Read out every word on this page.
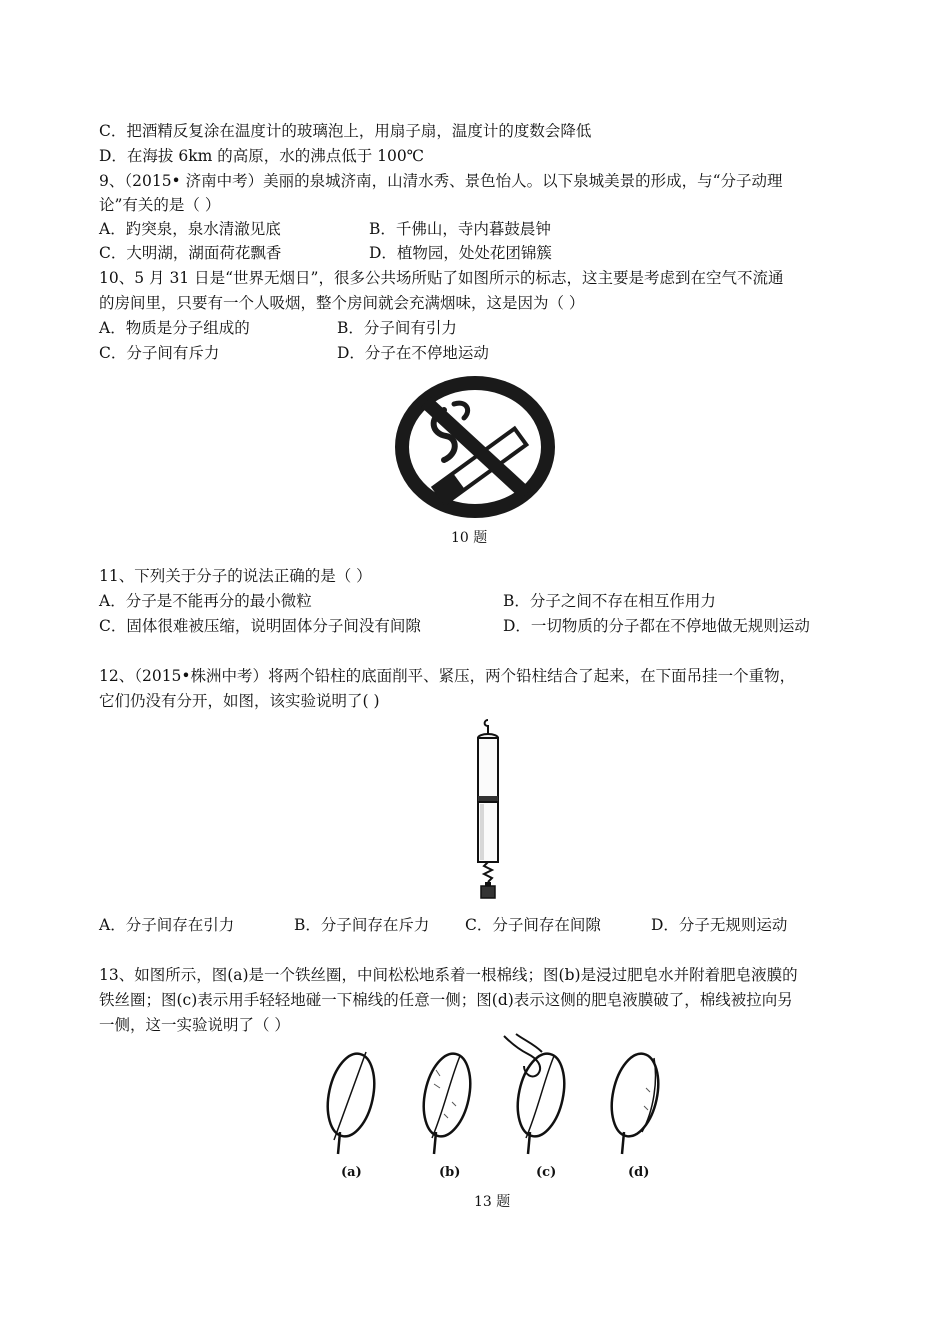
C．把酒精反复涂在温度计的玻璃泡上，用扇子扇，温度计的度数会降低
D．在海拔 6km 的高原，水的沸点低于 100℃
9、（2015• 济南中考）美丽的泉城济南，山清水秀、景色怡人。以下泉城美景的形成，与“分子动理
论”有关的是（ ）
A．趵突泉，泉水清澈见底	B．千佛山，寺内暮鼓晨钟
C．大明湖，湖面荷花飘香	D．植物园，处处花团锦簇
10、5 月 31 日是“世界无烟日”，很多公共场所贴了如图所示的标志，这主要是考虑到在空气不流通
的房间里，只要有一个人吸烟，整个房间就会充满烟味，这是因为（ ）
A．物质是分子组成的	B．分子间有引力
C．分子间有斥力	D．分子在不停地运动
10 题
11、下列关于分子的说法正确的是（ ）
A．分子是不能再分的最小微粒	B．分子之间不存在相互作用力
C．固体很难被压缩，说明固体分子间没有间隙	D．一切物质的分子都在不停地做无规则运动
12、（2015•株洲中考）将两个铅柱的底面削平、紧压，两个铅柱结合了起来，在下面吊挂一个重物，
它们仍没有分开，如图，该实验说明了( )
A．分子间存在引力	B．分子间存在斥力 C．分子间存在间隙	D．分子无规则运动
13、如图所示，图(a)是一个铁丝圈，中间松松地系着一根棉线；图(b)是浸过肥皂水并附着肥皂液膜的
铁丝圈；图(c)表示用手轻轻地碰一下棉线的任意一侧；图(d)表示这侧的肥皂液膜破了，棉线被拉向另
一侧，这一实验说明了（ ）
(a)	(b)	(c)	(d)
13 题
